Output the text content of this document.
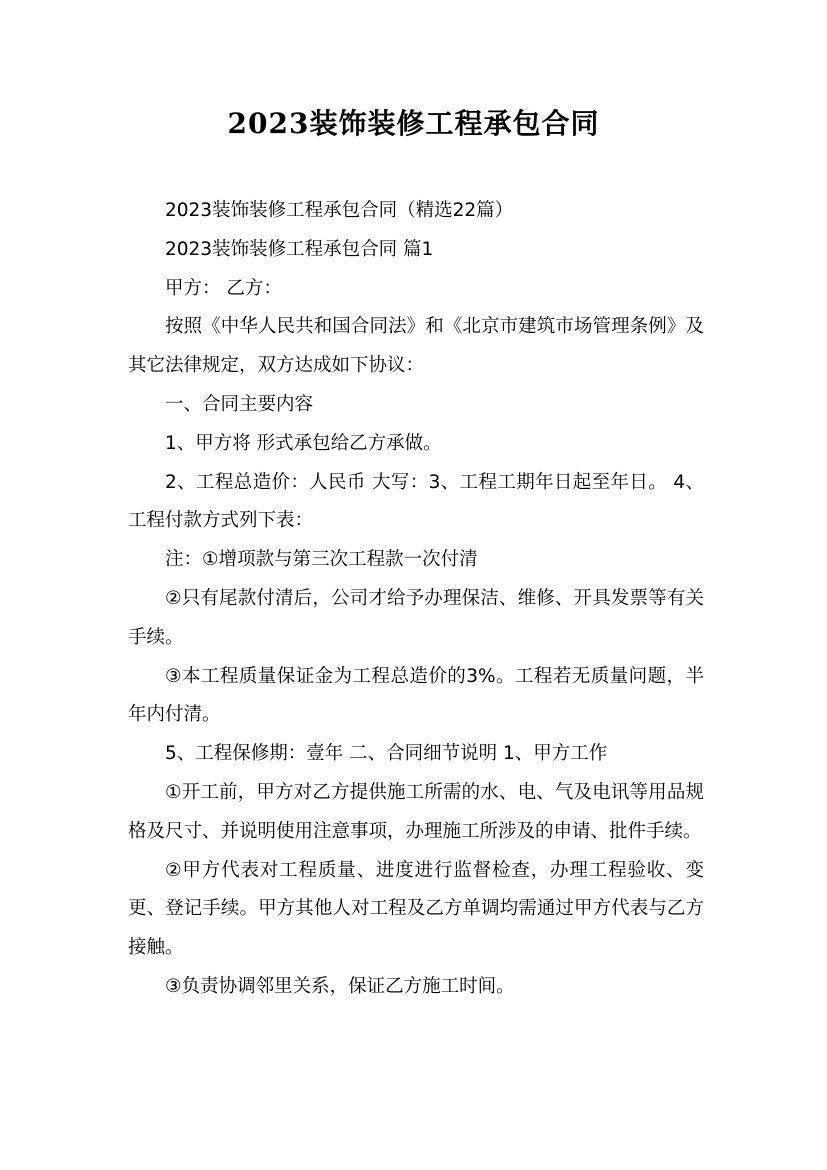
2023装饰装修工程承包合同

2023装饰装修工程承包合同（精选22篇）

2023装饰装修工程承包合同 篇1

甲方： 乙方：

按照《中华人民共和国合同法》和《北京市建筑市场管理条例》及其它法律规定，双方达成如下协议：

一、合同主要内容

1、甲方将 形式承包给乙方承做。

2、工程总造价：人民币 大写：3、工程工期年日起至年日。 4、工程付款方式列下表：

注：①增项款与第三次工程款一次付清

②只有尾款付清后，公司才给予办理保洁、维修、开具发票等有关手续。

③本工程质量保证金为工程总造价的3%。工程若无质量问题，半年内付清。

5、工程保修期：壹年 二、合同细节说明 1、甲方工作

①开工前，甲方对乙方提供施工所需的水、电、气及电讯等用品规格及尺寸、并说明使用注意事项，办理施工所涉及的申请、批件手续。

②甲方代表对工程质量、进度进行监督检查，办理工程验收、变更、登记手续。甲方其他人对工程及乙方单调均需通过甲方代表与乙方接触。

③负责协调邻里关系，保证乙方施工时间。
